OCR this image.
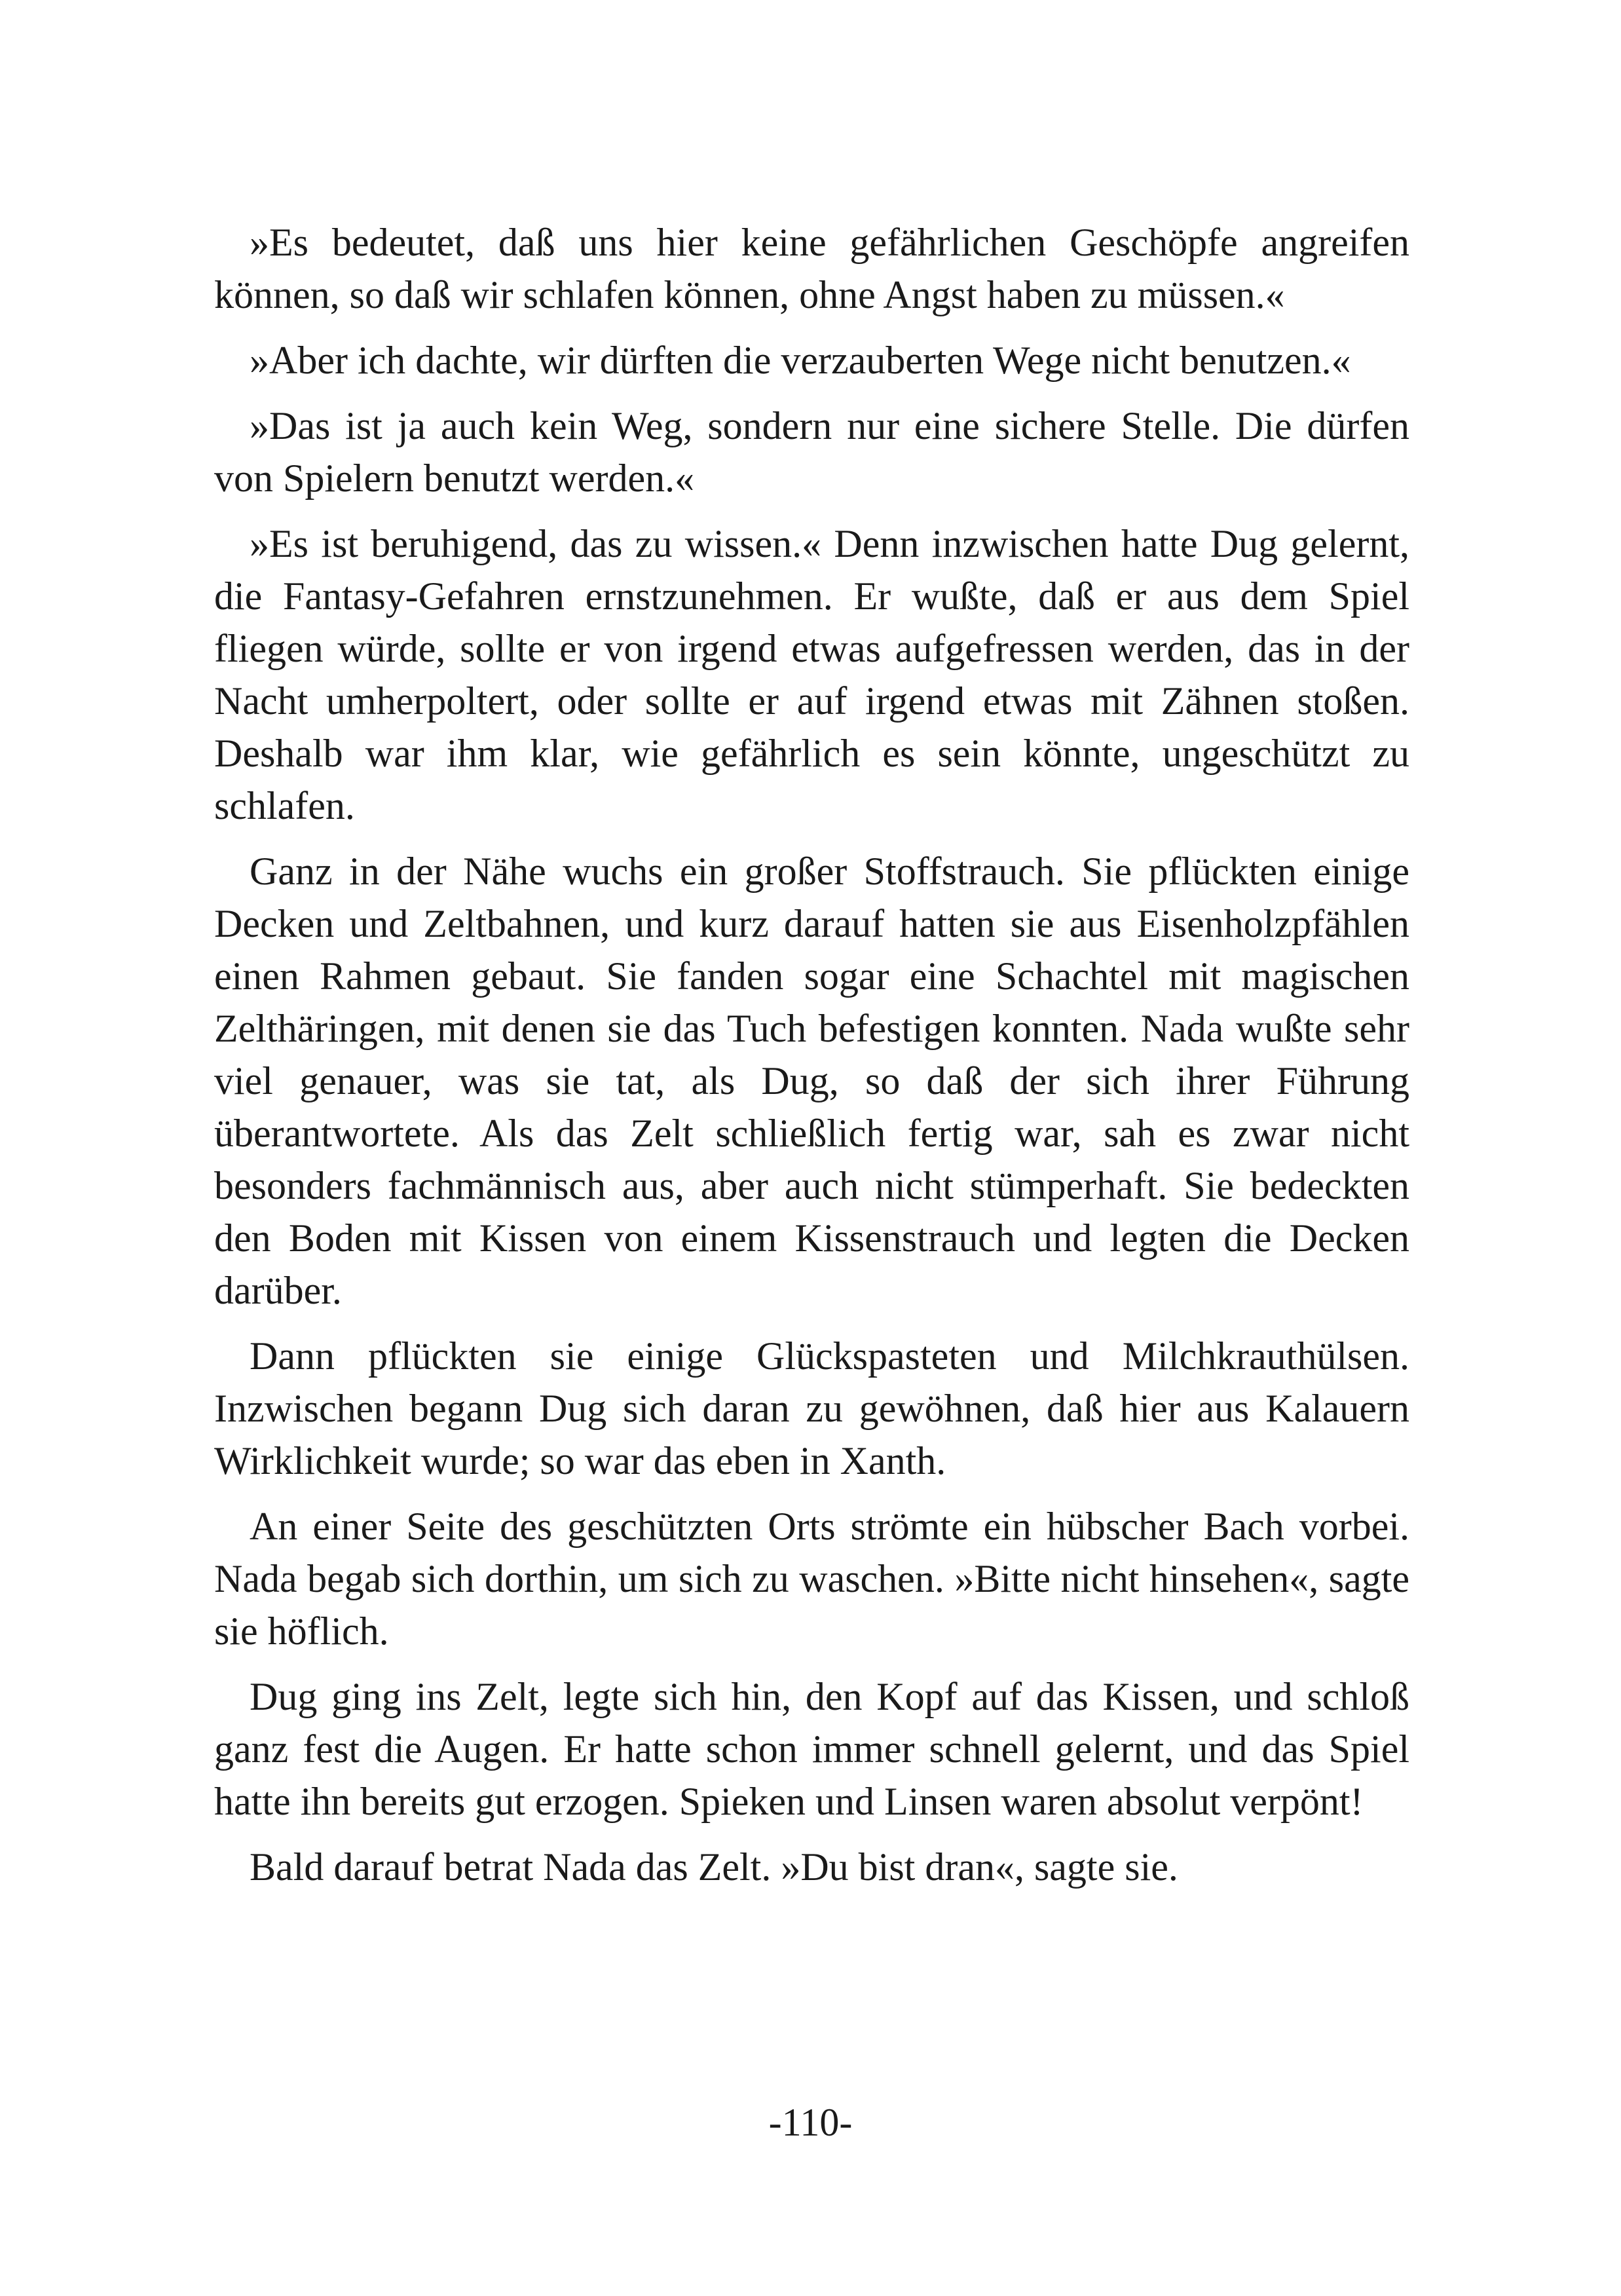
»Es bedeutet, daß uns hier keine gefährlichen Geschöpfe angreifen können, so daß wir schlafen können, ohne Angst haben zu müssen.«

»Aber ich dachte, wir dürften die verzauberten Wege nicht benutzen.«

»Das ist ja auch kein Weg, sondern nur eine sichere Stelle. Die dürfen von Spielern benutzt werden.«

»Es ist beruhigend, das zu wissen.« Denn inzwischen hatte Dug gelernt, die Fantasy-Gefahren ernstzunehmen. Er wußte, daß er aus dem Spiel fliegen würde, sollte er von irgend etwas aufgefressen werden, das in der Nacht umherpoltert, oder sollte er auf irgend etwas mit Zähnen stoßen. Deshalb war ihm klar, wie gefährlich es sein könnte, ungeschützt zu schlafen.

Ganz in der Nähe wuchs ein großer Stoffstrauch. Sie pflückten einige Decken und Zeltbahnen, und kurz darauf hatten sie aus Eisenholzpfählen einen Rahmen gebaut. Sie fanden sogar eine Schachtel mit magischen Zelthäringen, mit denen sie das Tuch befestigen konnten. Nada wußte sehr viel genauer, was sie tat, als Dug, so daß der sich ihrer Führung überantwortete. Als das Zelt schließlich fertig war, sah es zwar nicht besonders fachmännisch aus, aber auch nicht stümperhaft. Sie bedeckten den Boden mit Kissen von einem Kissenstrauch und legten die Decken darüber.

Dann pflückten sie einige Glückspasteten und Milchkrauthülsen. Inzwischen begann Dug sich daran zu gewöhnen, daß hier aus Kalauern Wirklichkeit wurde; so war das eben in Xanth.

An einer Seite des geschützten Orts strömte ein hübscher Bach vorbei. Nada begab sich dorthin, um sich zu waschen. »Bitte nicht hinsehen«, sagte sie höflich.

Dug ging ins Zelt, legte sich hin, den Kopf auf das Kissen, und schloß ganz fest die Augen. Er hatte schon immer schnell gelernt, und das Spiel hatte ihn bereits gut erzogen. Spieken und Linsen waren absolut verpönt!

Bald darauf betrat Nada das Zelt. »Du bist dran«, sagte sie.

-110-
